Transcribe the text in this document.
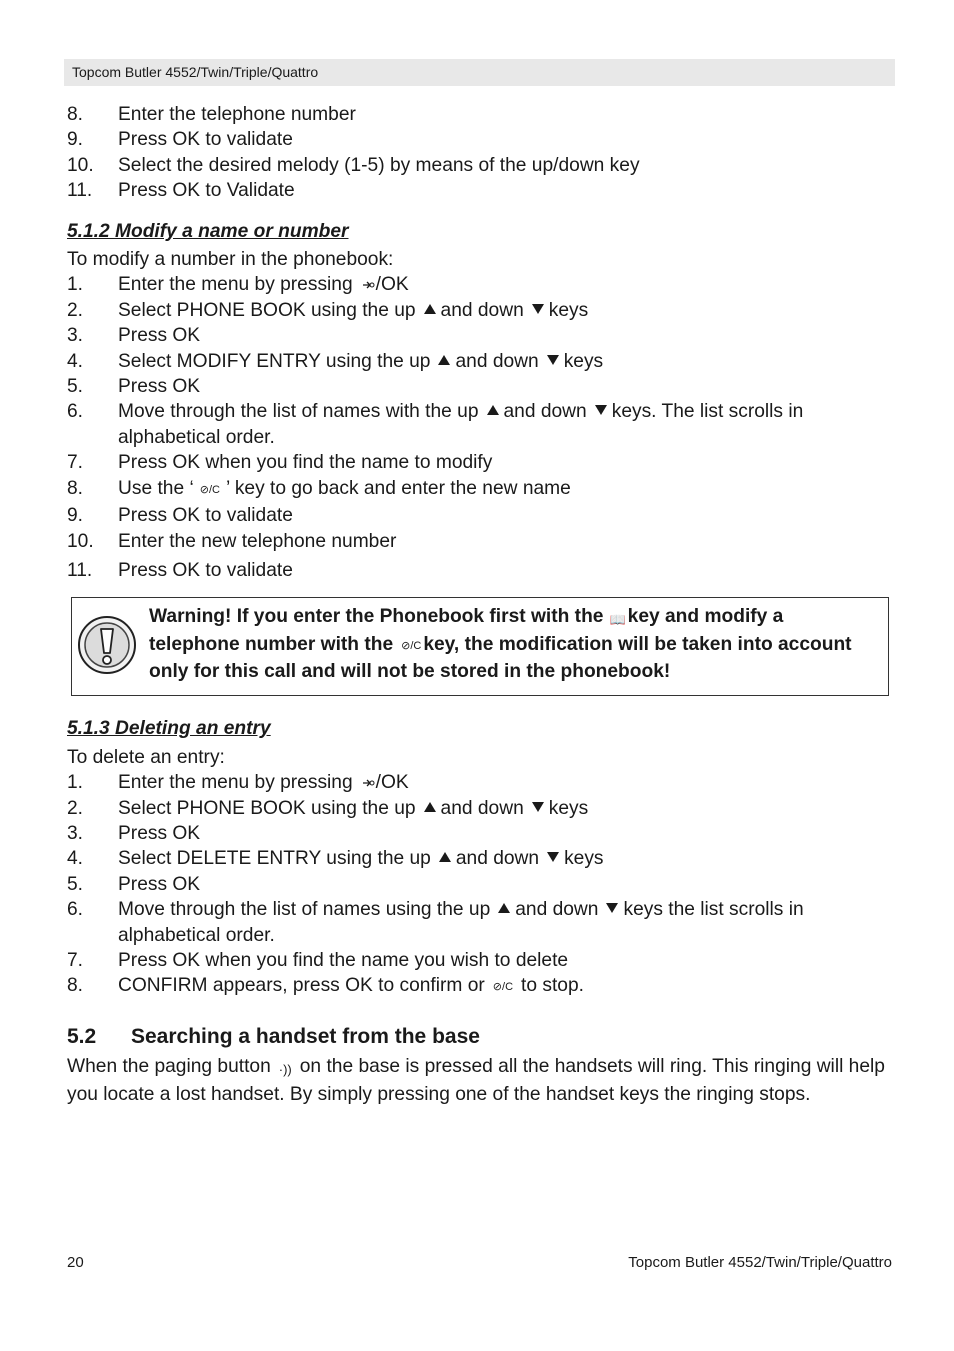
Topcom Butler 4552/Twin/Triple/Quattro
8.	Enter the telephone number
9.	Press OK to validate
10.	Select the desired melody (1-5) by means of the up/down key
11.	Press OK to Validate
5.1.2 Modify a name or number
To modify a number in the phonebook:
1.	Enter the menu by pressing /OK
2.	Select PHONE BOOK using the up and down keys
3.	Press OK
4.	Select MODIFY ENTRY using the up and down keys
5.	Press OK
6.	Move through the list of names with the up and down keys. The list scrolls in alphabetical order.
7.	Press OK when you find the name to modify
8.	Use the ‘ ⊘/C ’ key to go back and enter the new name
9.	Press OK to validate
10.	Enter the new telephone number
11.	Press OK to validate
5.1.3 Deleting an entry
To delete an entry:
1.	Enter the menu by pressing /OK
2.	Select PHONE BOOK using the up and down keys
3.	Press OK
4.	Select DELETE ENTRY using the up and down keys
5.	Press OK
6.	Move through the list of names using the up and down keys the list scrolls in alphabetical order.
7.	Press OK when you find the name you wish to delete
8.	CONFIRM appears, press OK to confirm or ⊘/C to stop.
5.2	Searching a handset from the base
When the paging button ·)) on the base is pressed all the handsets will ring. This ringing will help you locate a lost handset. By simply pressing one of the handset keys the ringing stops.
Warning! If you enter the Phonebook first with the 📖 key and modify a telephone number with the ⊘/C key, the modification will be taken into account only for this call and will not be stored in the phonebook!
20	Topcom Butler 4552/Twin/Triple/Quattro
